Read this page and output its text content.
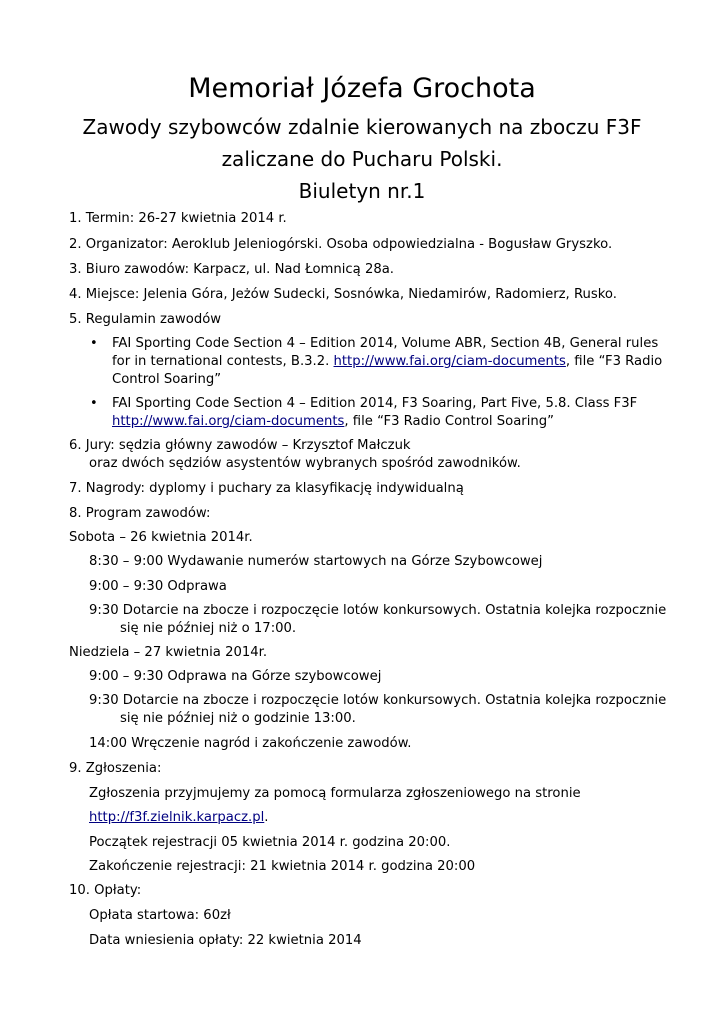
Memoriał Józefa Grochota
Zawody szybowców zdalnie kierowanych na zboczu F3F
zaliczane do Pucharu Polski.
Biuletyn nr.1
1. Termin: 26-27 kwietnia 2014 r.
2. Organizator: Aeroklub Jeleniogórski. Osoba odpowiedzialna - Bogusław Gryszko.
3. Biuro zawodów: Karpacz, ul. Nad Łomnicą 28a.
4. Miejsce: Jelenia Góra, Jeżów Sudecki, Sosnówka, Niedamirów, Radomierz, Rusko.
5. Regulamin zawodów
• FAI Sporting Code Section 4 – Edition 2014, Volume ABR, Section 4B, General rules
for in ternational contests, B.3.2. http://www.fai.org/ciam-documents, file “F3 Radio
Control Soaring”
• FAI Sporting Code Section 4 – Edition 2014, F3 Soaring, Part Five, 5.8. Class F3F
http://www.fai.org/ciam-documents, file “F3 Radio Control Soaring”
6. Jury: sędzia główny zawodów – Krzysztof Małczuk
oraz dwóch sędziów asystentów wybranych spośród zawodników.
7. Nagrody: dyplomy i puchary za klasyfikację indywidualną
8. Program zawodów:
Sobota – 26 kwietnia 2014r.
8:30 – 9:00 Wydawanie numerów startowych na Górze Szybowcowej
9:00 – 9:30 Odprawa
9:30 Dotarcie na zbocze i rozpoczęcie lotów konkursowych. Ostatnia kolejka rozpocznie
się nie później niż o 17:00.
Niedziela – 27 kwietnia 2014r.
9:00 – 9:30 Odprawa na Górze szybowcowej
9:30 Dotarcie na zbocze i rozpoczęcie lotów konkursowych. Ostatnia kolejka rozpocznie
się nie później niż o godzinie 13:00.
14:00 Wręczenie nagród i zakończenie zawodów.
9. Zgłoszenia:
Zgłoszenia przyjmujemy za pomocą formularza zgłoszeniowego na stronie
http://f3f.zielnik.karpacz.pl.
Początek rejestracji 05 kwietnia 2014 r. godzina 20:00.
Zakończenie rejestracji: 21 kwietnia 2014 r. godzina 20:00
10. Opłaty:
Opłata startowa: 60zł
Data wniesienia opłaty: 22 kwietnia 2014
